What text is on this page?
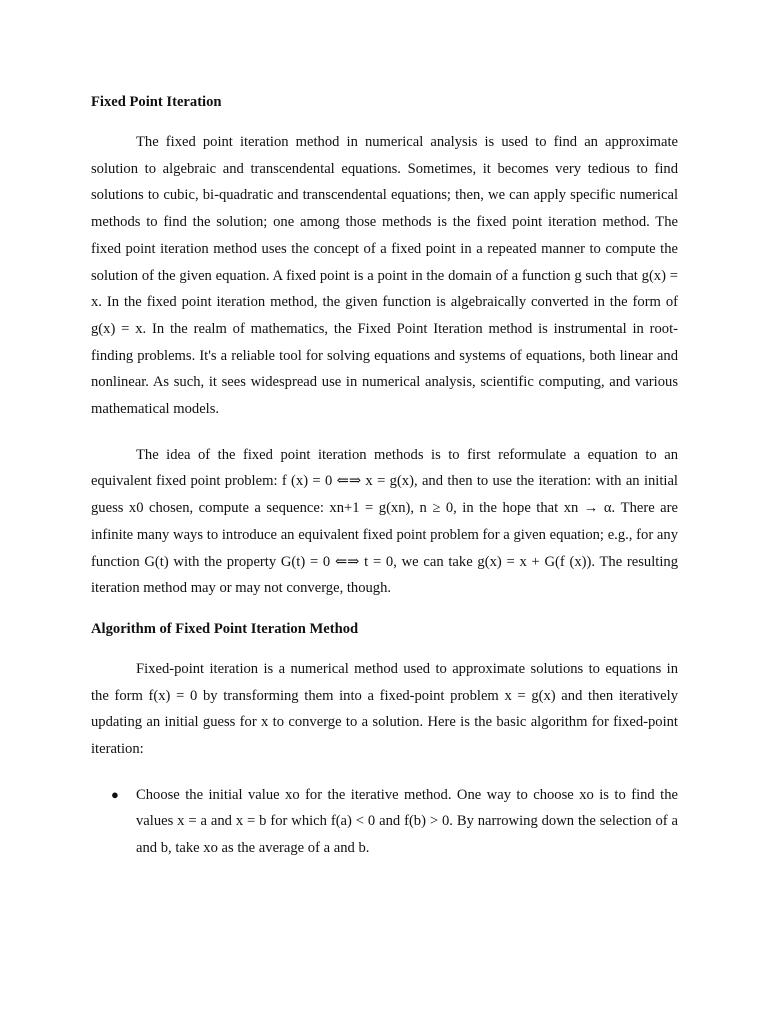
Fixed Point Iteration

The fixed point iteration method in numerical analysis is used to find an approximate solution to algebraic and transcendental equations. Sometimes, it becomes very tedious to find solutions to cubic, bi-quadratic and transcendental equations; then, we can apply specific numerical methods to find the solution; one among those methods is the fixed point iteration method. The fixed point iteration method uses the concept of a fixed point in a repeated manner to compute the solution of the given equation. A fixed point is a point in the domain of a function g such that g(x) = x. In the fixed point iteration method, the given function is algebraically converted in the form of g(x) = x. In the realm of mathematics, the Fixed Point Iteration method is instrumental in root-finding problems. It's a reliable tool for solving equations and systems of equations, both linear and nonlinear. As such, it sees widespread use in numerical analysis, scientific computing, and various mathematical models.

The idea of the fixed point iteration methods is to first reformulate a equation to an equivalent fixed point problem: f (x) = 0 ⇐⇒ x = g(x), and then to use the iteration: with an initial guess x0 chosen, compute a sequence: xn+1 = g(xn), n ≥ 0, in the hope that xn → α. There are infinite many ways to introduce an equivalent fixed point problem for a given equation; e.g., for any function G(t) with the property G(t) = 0 ⇐⇒ t = 0, we can take g(x) = x + G(f (x)). The resulting iteration method may or may not converge, though.

Algorithm of Fixed Point Iteration Method

Fixed-point iteration is a numerical method used to approximate solutions to equations in the form f(x) = 0 by transforming them into a fixed-point problem x = g(x) and then iteratively updating an initial guess for x to converge to a solution. Here is the basic algorithm for fixed-point iteration:

● Choose the initial value xo for the iterative method. One way to choose xo is to find the values x = a and x = b for which f(a) < 0 and f(b) > 0. By narrowing down the selection of a and b, take xo as the average of a and b.
